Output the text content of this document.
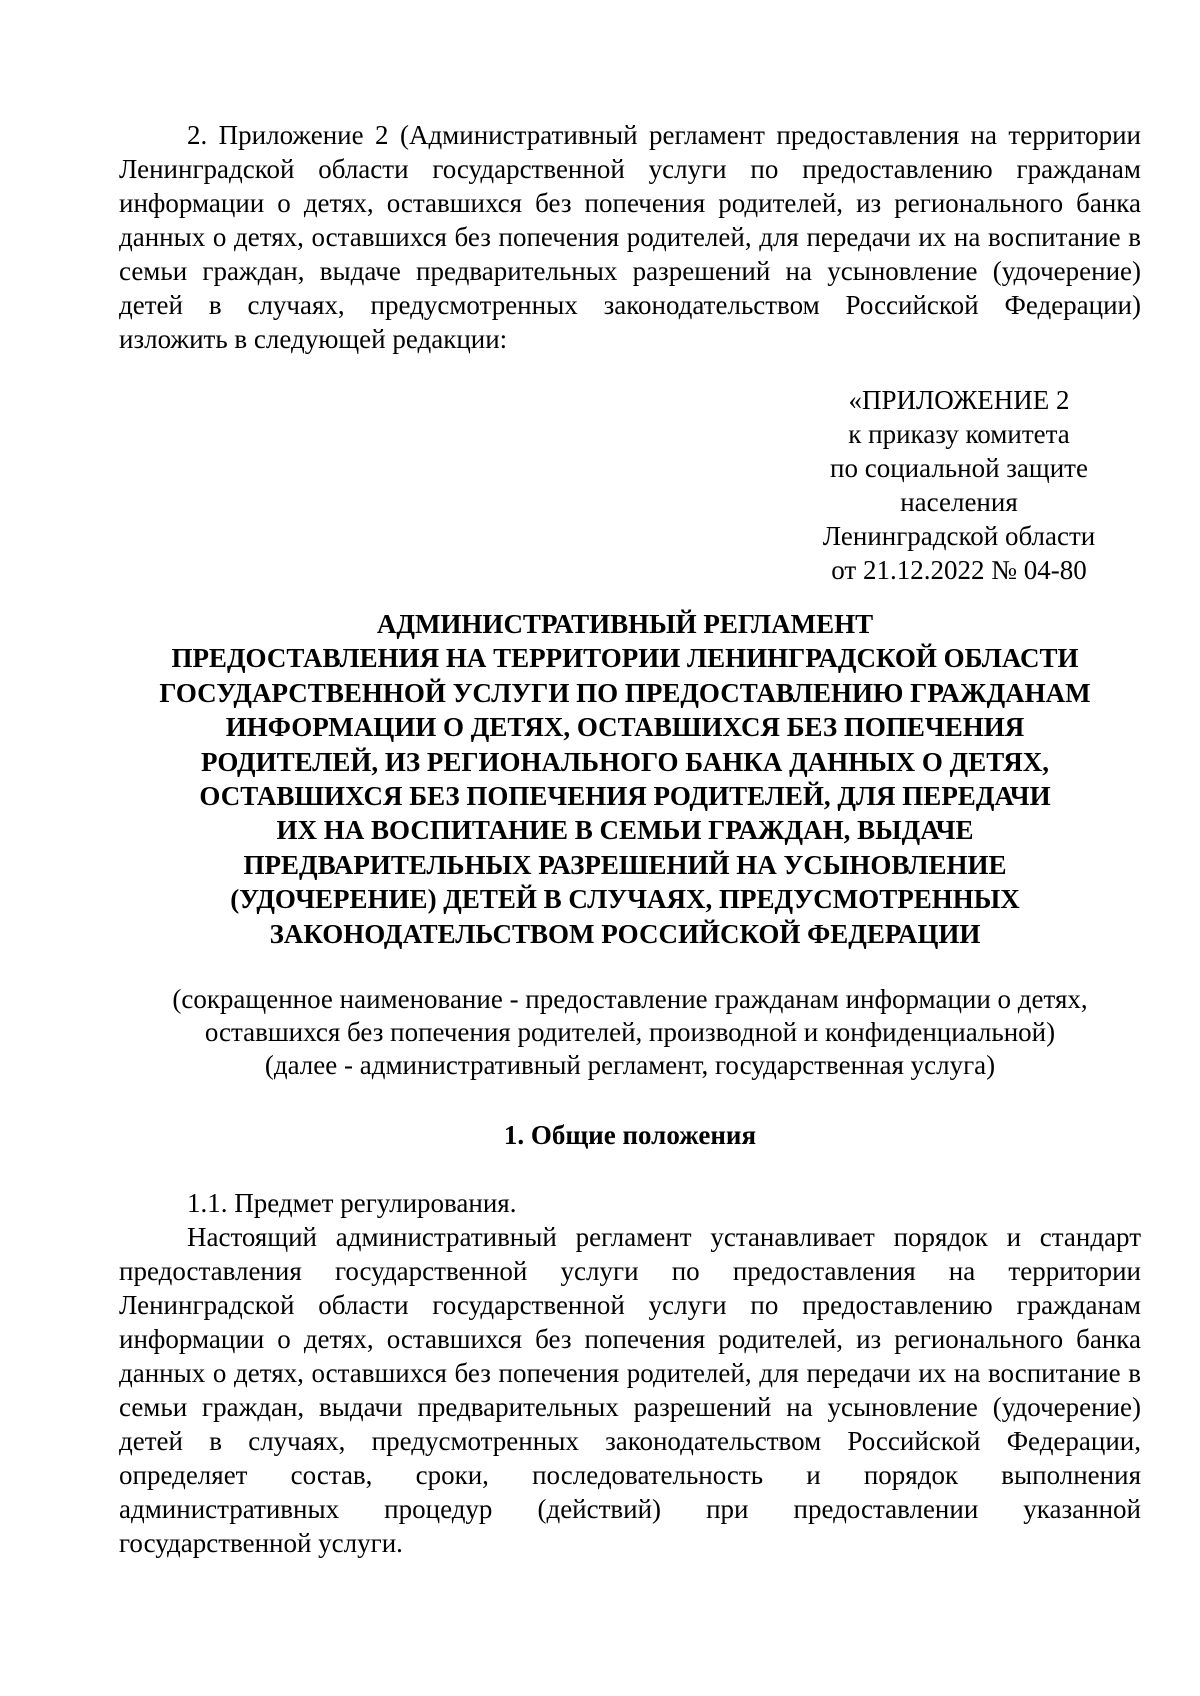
2. Приложение 2 (Административный регламент предоставления на территории Ленинградской области государственной услуги по предоставлению гражданам информации о детях, оставшихся без попечения родителей, из регионального банка данных о детях, оставшихся без попечения родителей, для передачи их на воспитание в семьи граждан, выдаче предварительных разрешений на усыновление (удочерение) детей в случаях, предусмотренных законодательством Российской Федерации) изложить в следующей редакции:

«ПРИЛОЖЕНИЕ 2
к приказу комитета
по социальной защите
населения
Ленинградской области
от 21.12.2022 № 04-80
АДМИНИСТРАТИВНЫЙ РЕГЛАМЕНТ
ПРЕДОСТАВЛЕНИЯ НА ТЕРРИТОРИИ ЛЕНИНГРАДСКОЙ ОБЛАСТИ
ГОСУДАРСТВЕННОЙ УСЛУГИ ПО ПРЕДОСТАВЛЕНИЮ ГРАЖДАНАМ
ИНФОРМАЦИИ О ДЕТЯХ, ОСТАВШИХСЯ БЕЗ ПОПЕЧЕНИЯ
РОДИТЕЛЕЙ, ИЗ РЕГИОНАЛЬНОГО БАНКА ДАННЫХ О ДЕТЯХ,
ОСТАВШИХСЯ БЕЗ ПОПЕЧЕНИЯ РОДИТЕЛЕЙ, ДЛЯ ПЕРЕДАЧИ
ИХ НА ВОСПИТАНИЕ В СЕМЬИ ГРАЖДАН, ВЫДАЧЕ
ПРЕДВАРИТЕЛЬНЫХ РАЗРЕШЕНИЙ НА УСЫНОВЛЕНИЕ
(УДОЧЕРЕНИЕ) ДЕТЕЙ В СЛУЧАЯХ, ПРЕДУСМОТРЕННЫХ
ЗАКОНОДАТЕЛЬСТВОМ РОССИЙСКОЙ ФЕДЕРАЦИИ
(сокращенное наименование - предоставление гражданам информации о детях,
оставшихся без попечения родителей, производной и конфиденциальной)
(далее - административный регламент, государственная услуга)
1. Общие положения

1.1. Предмет регулирования.

Настоящий административный регламент устанавливает порядок и стандарт предоставления государственной услуги по предоставления на территории Ленинградской области государственной услуги по предоставлению гражданам информации о детях, оставшихся без попечения родителей, из регионального банка данных о детях, оставшихся без попечения родителей, для передачи их на воспитание в семьи граждан, выдачи предварительных разрешений на усыновление (удочерение) детей в случаях, предусмотренных законодательством Российской Федерации, определяет состав, сроки, последовательность и порядок выполнения административных процедур (действий) при предоставлении указанной государственной услуги.
